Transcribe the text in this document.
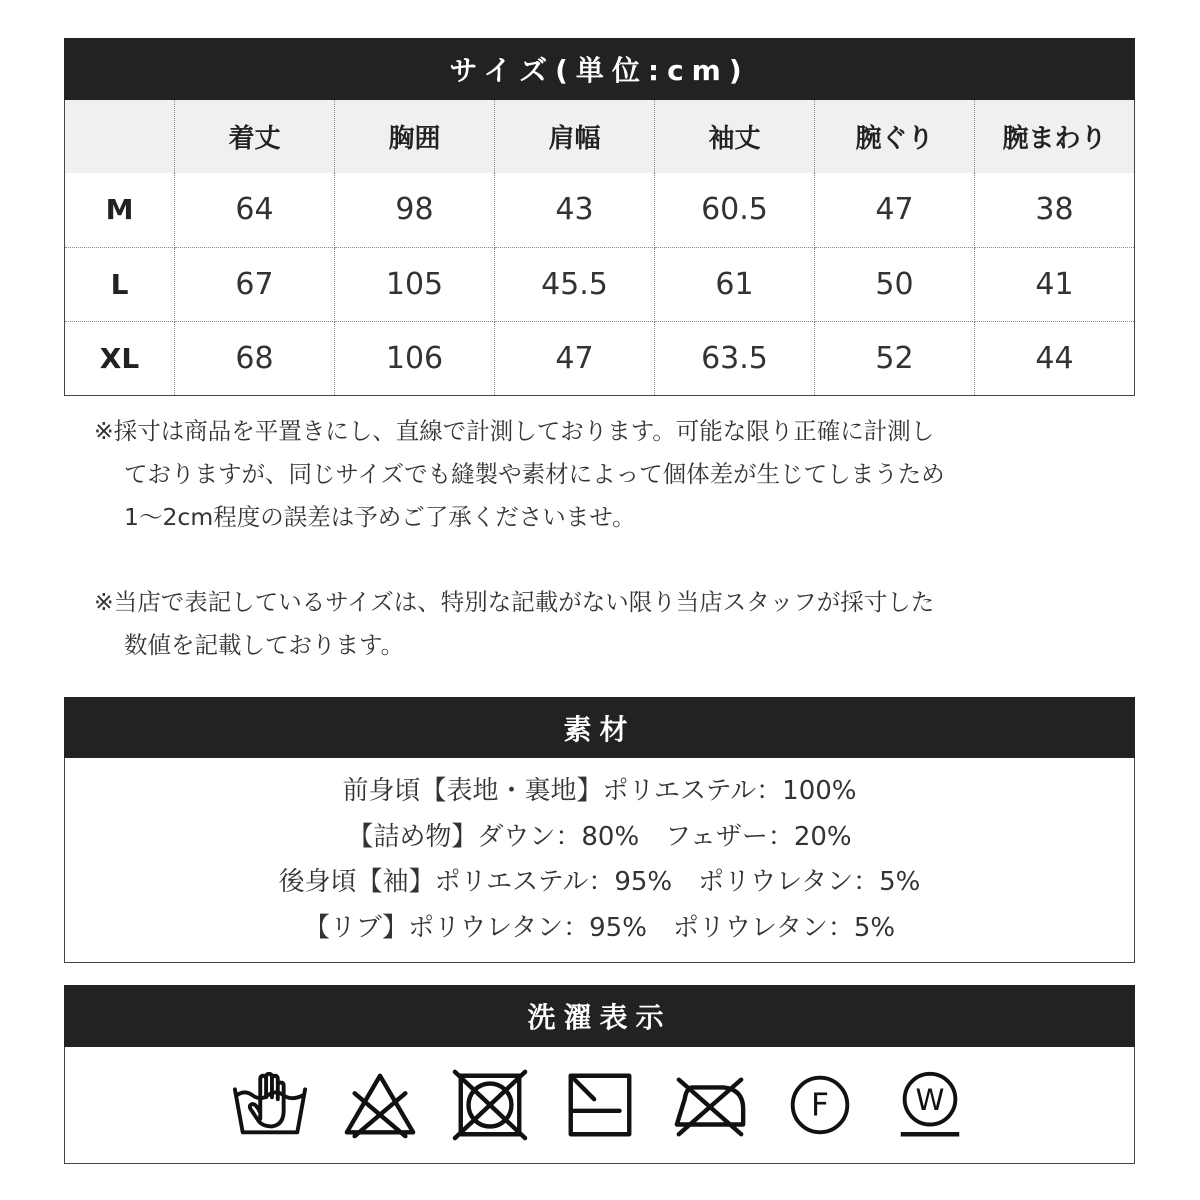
サイズ(単位:cm)
	着丈	胸囲	肩幅	袖丈	腕ぐり	腕まわり
M	64	98	43	60.5	47	38
L	67	105	45.5	61	50	41
XL	68	106	47	63.5	52	44
※採寸は商品を平置きにし、直線で計測しております。可能な限り正確に計測し
ておりますが、同じサイズでも縫製や素材によって個体差が生じてしまうため
1〜2cm程度の誤差は予めご了承くださいませ。
※当店で表記しているサイズは、特別な記載がない限り当店スタッフが採寸した
数値を記載しております。
素材
前身頃【表地・裏地】ポリエステル：100%
【詰め物】ダウン：80%　フェザー：20%
後身頃【袖】ポリエステル：95%　ポリウレタン：5%
【リブ】ポリウレタン：95%　ポリウレタン：5%
洗濯表示
F	W
